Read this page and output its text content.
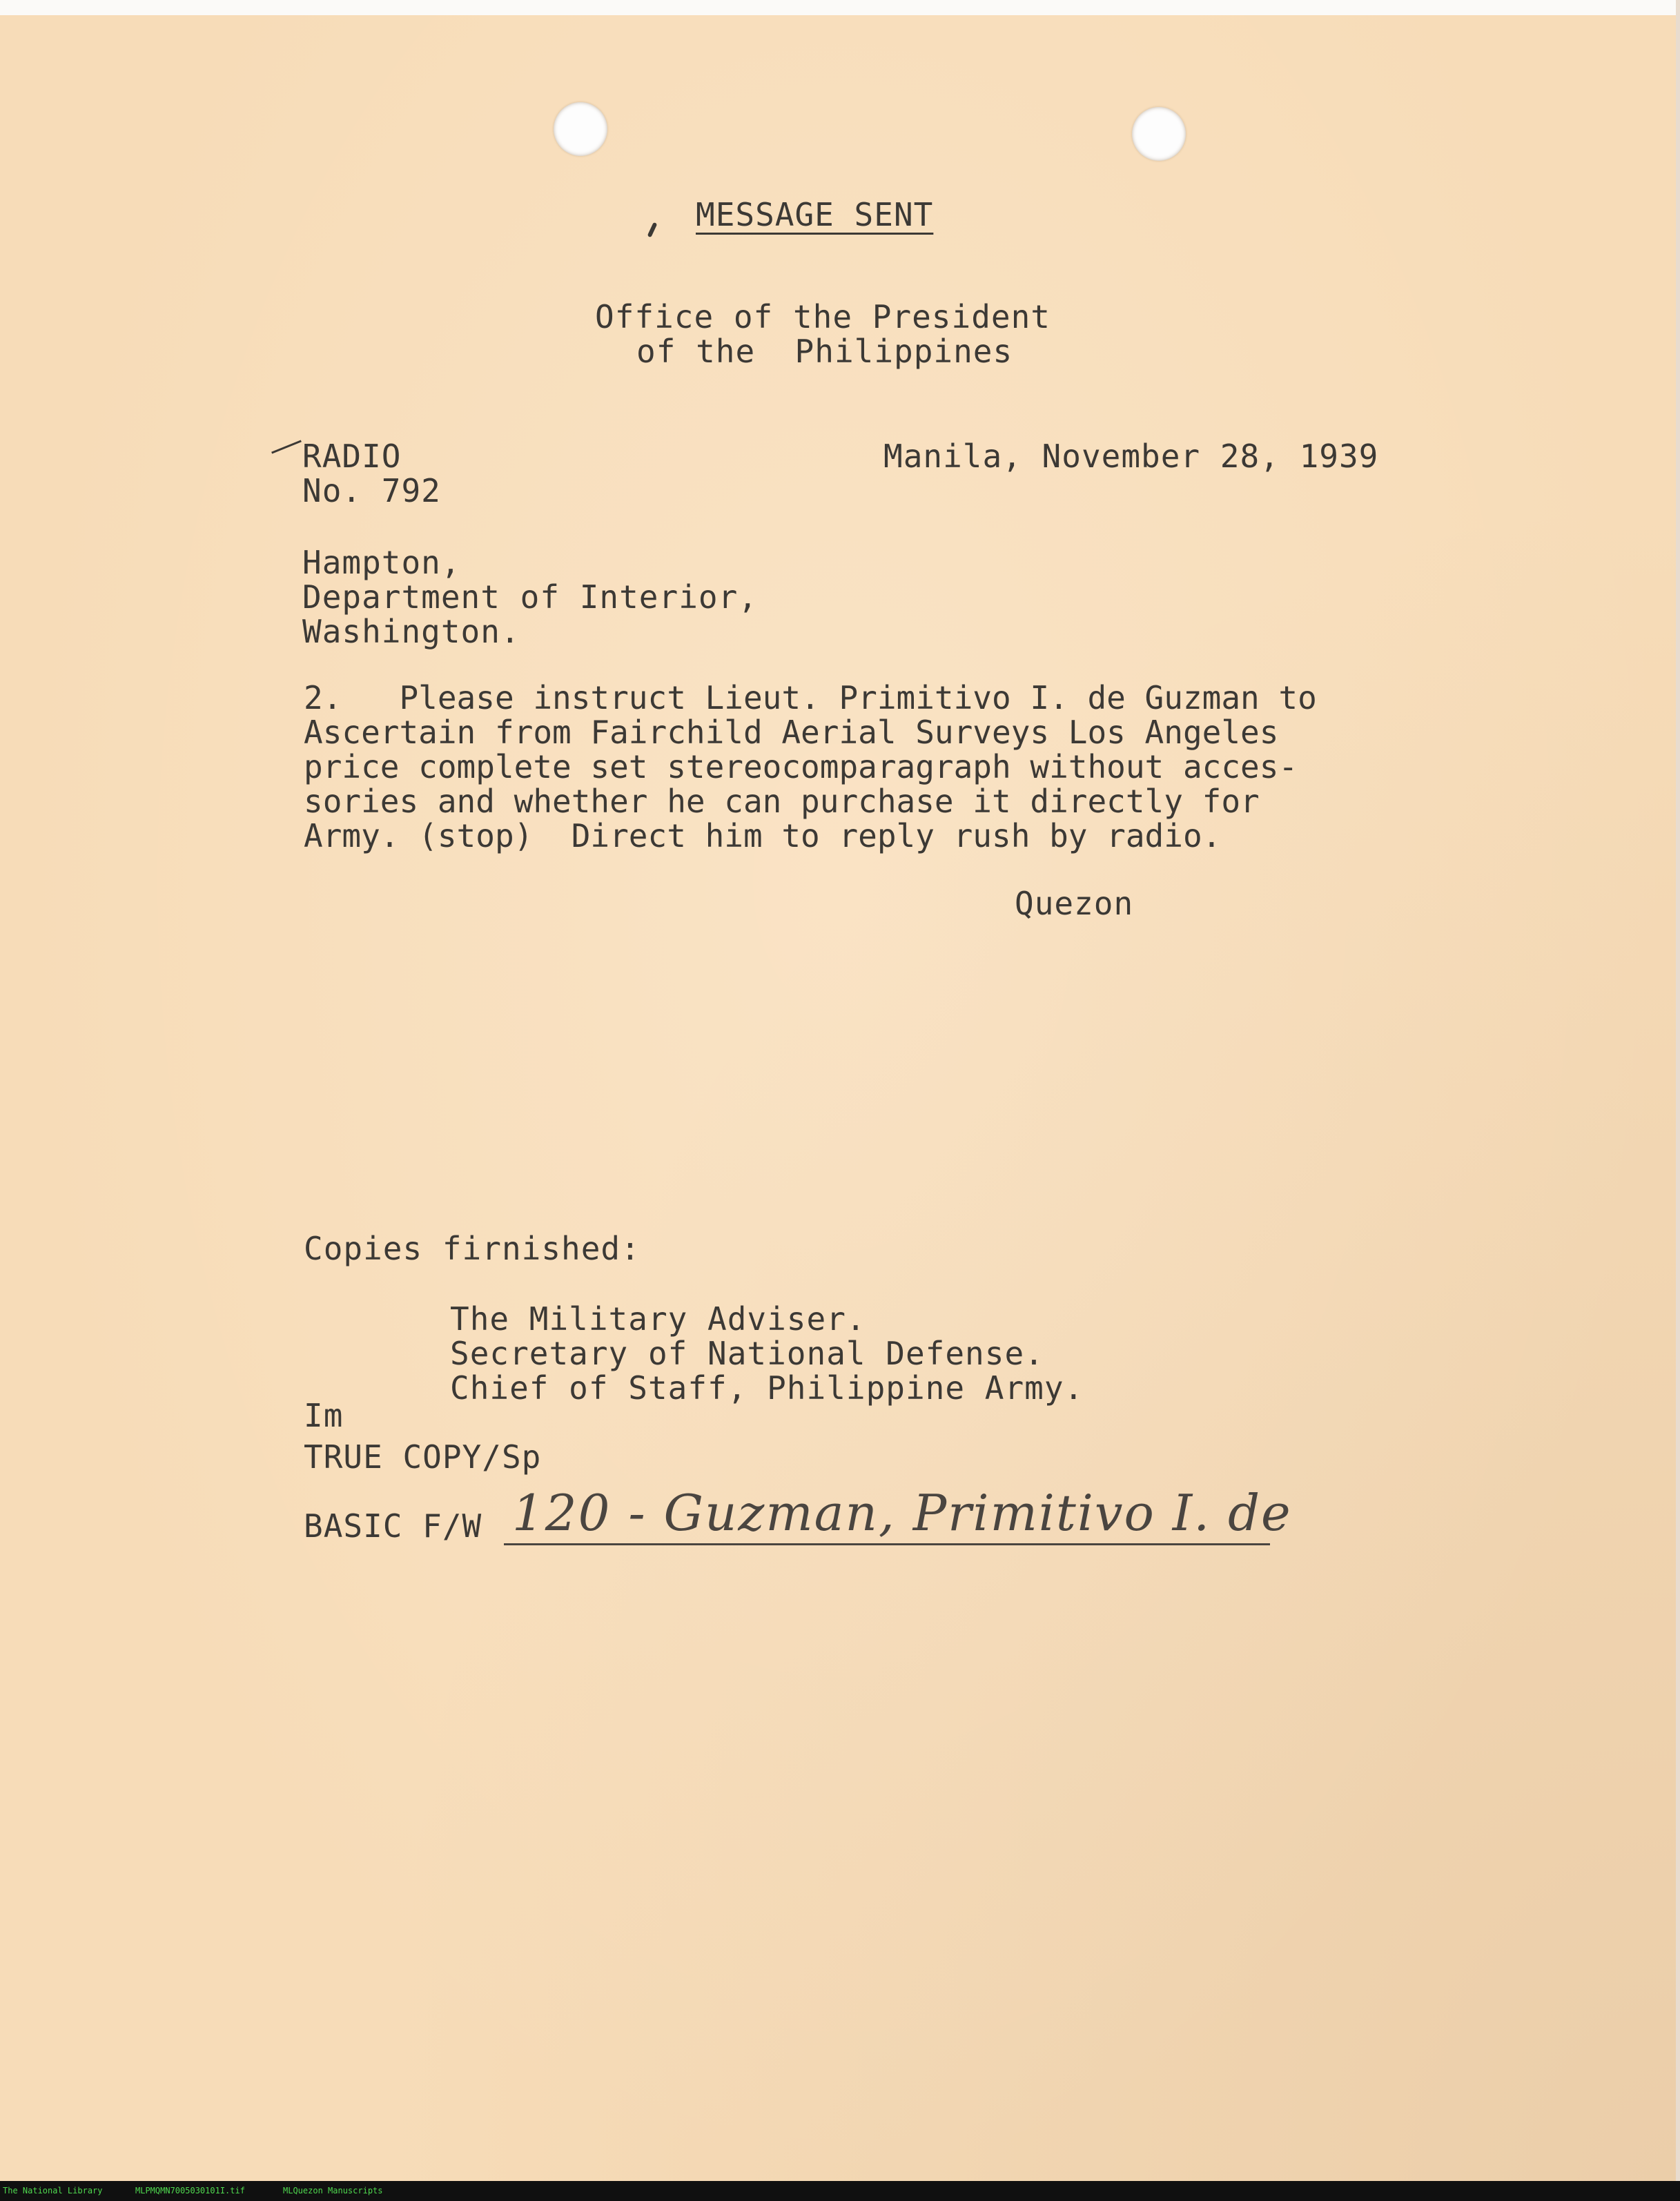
MESSAGE SENT
Office of the President
of the  Philippines
RADIO
No. 792
Manila, November 28, 1939
Hampton,
Department of Interior,
Washington.
2.   Please instruct Lieut. Primitivo I. de Guzman to
Ascertain from Fairchild Aerial Surveys Los Angeles
price complete set stereocomparagraph without acces-
sories and whether he can purchase it directly for
Army. (stop)  Direct him to reply rush by radio.
Quezon
Copies firnished:
The Military Adviser.
Secretary of National Defense.
Chief of Staff, Philippine Army.
Im
TRUE COPY/Sp
BASIC F/W 120 - Guzman, Primitivo I. de
The National Library	MLPMQMN7005030101I.tif	MLQuezon Manuscripts
